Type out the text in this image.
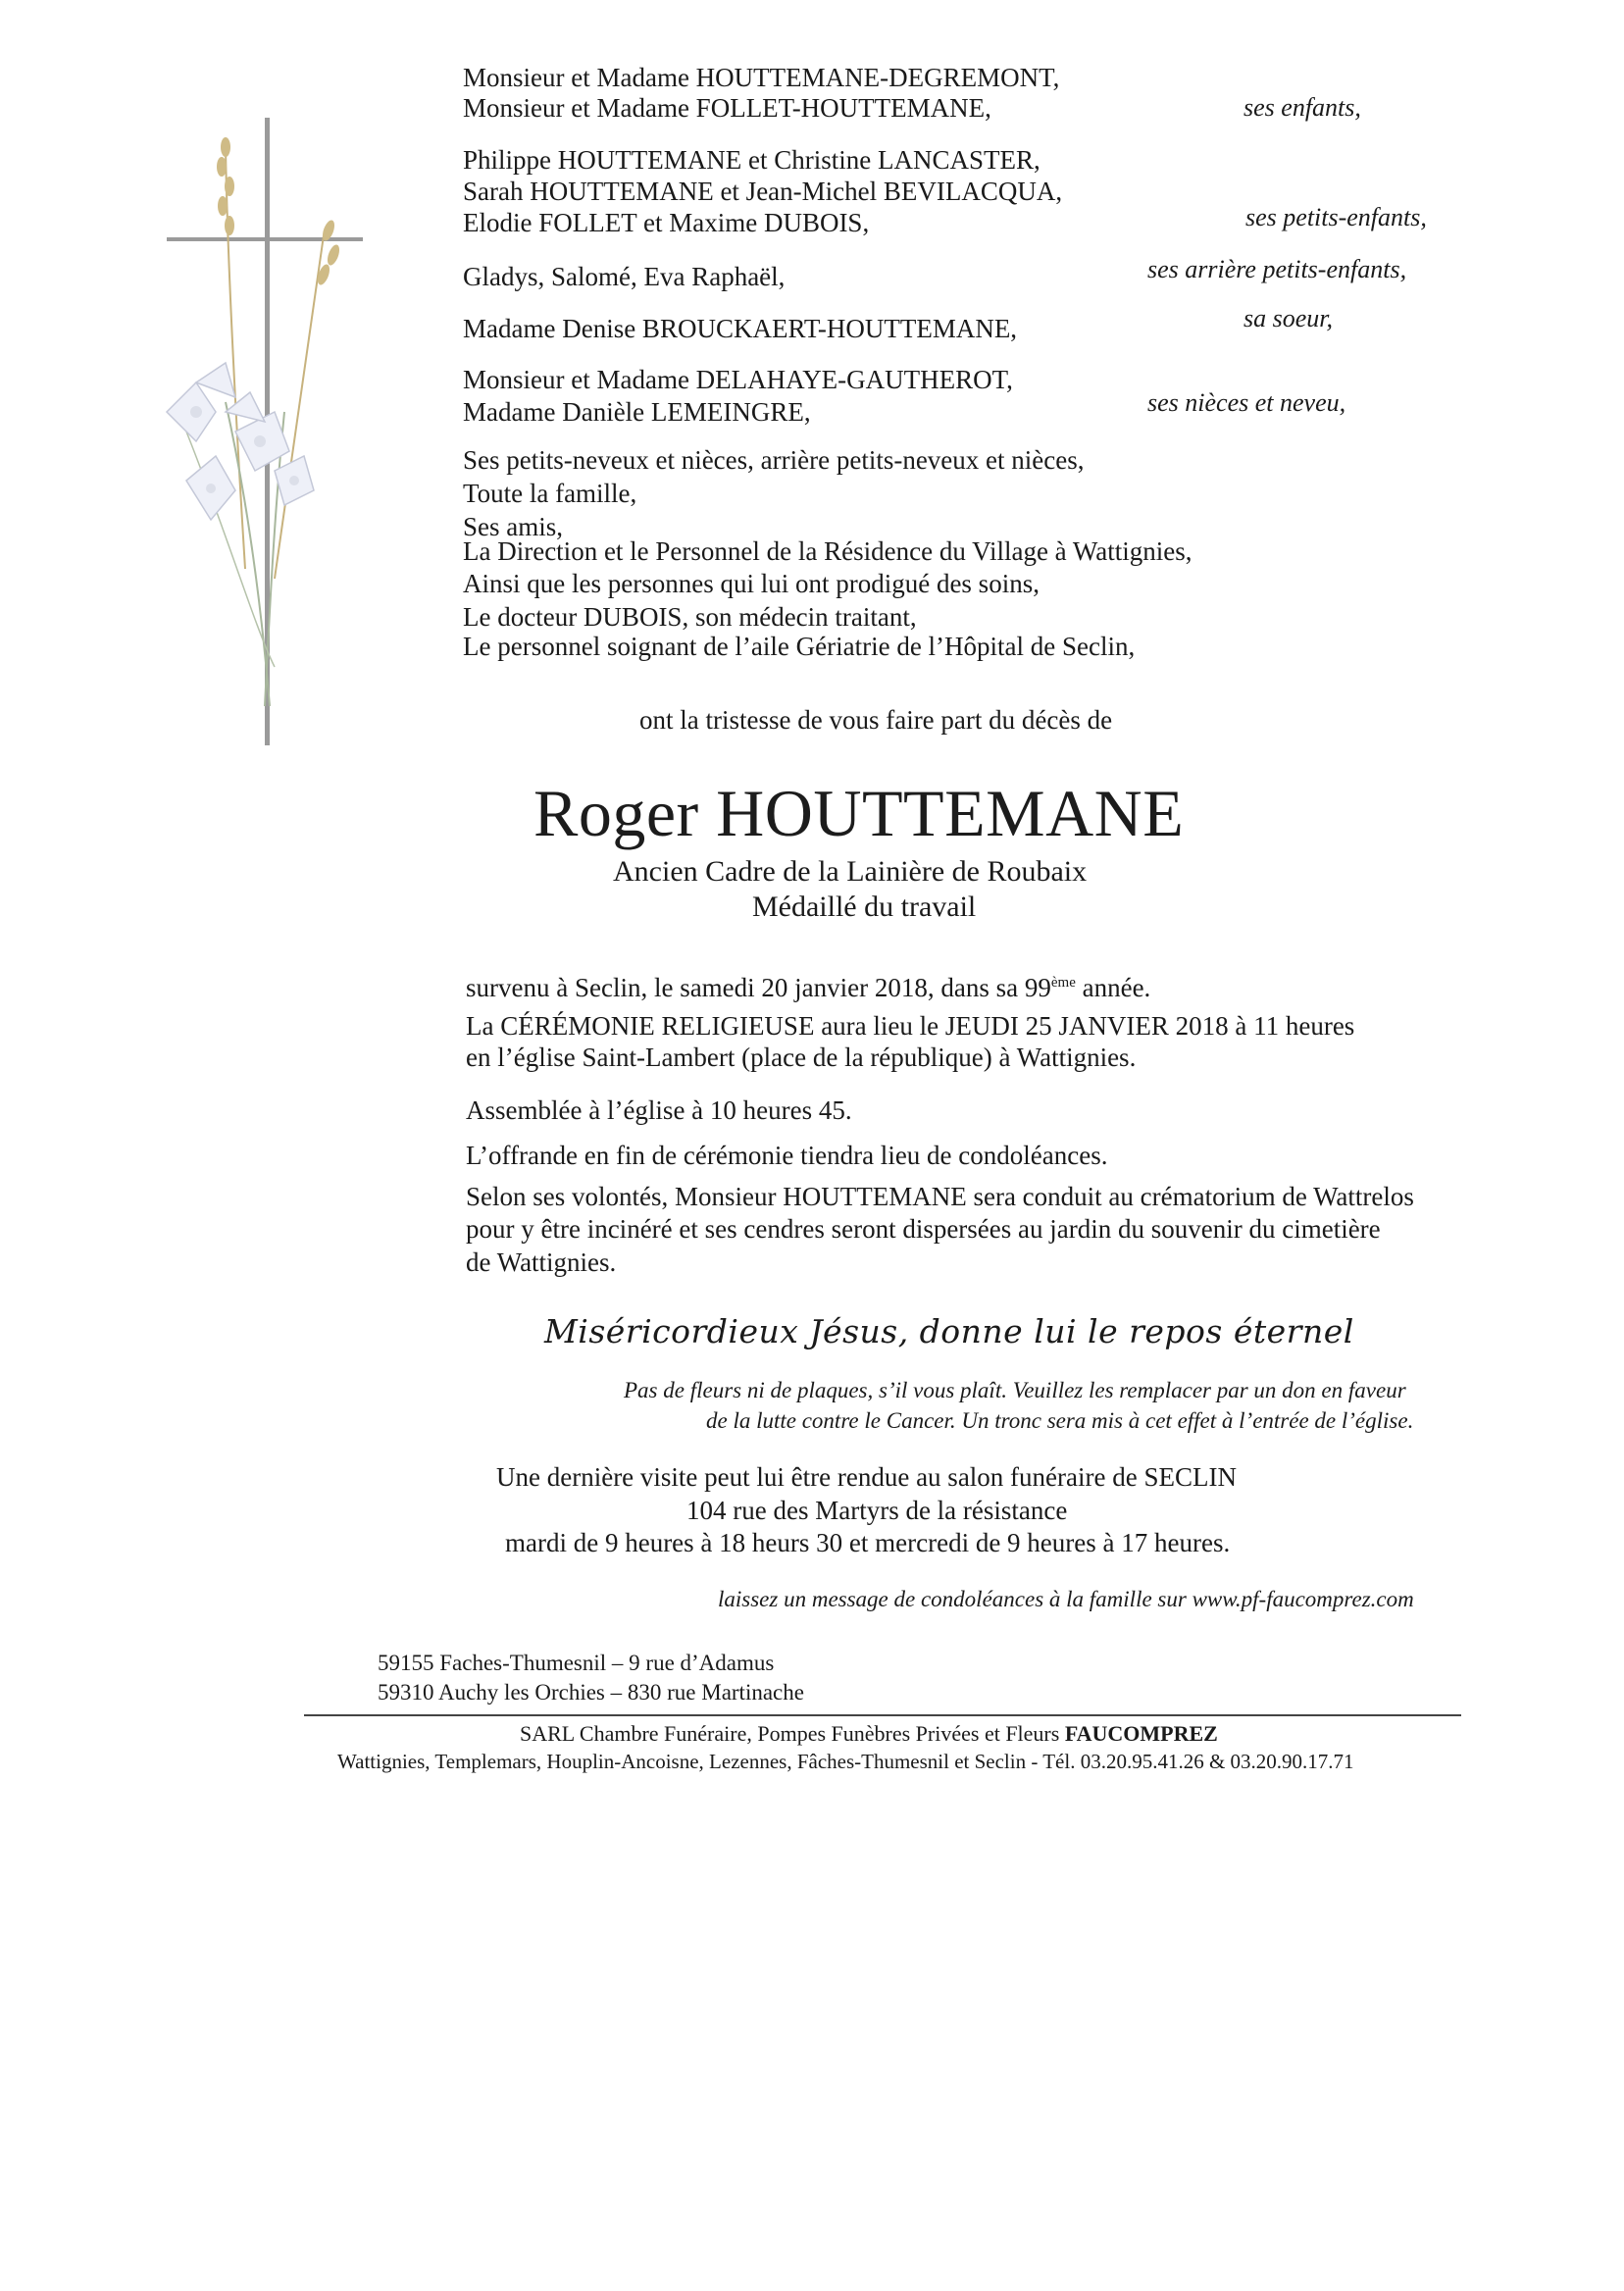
Monsieur et Madame HOUTTEMANE-DEGREMONT,
Monsieur et Madame FOLLET-HOUTTEMANE,	ses enfants,
Philippe HOUTTEMANE et Christine LANCASTER,
Sarah HOUTTEMANE et Jean-Michel BEVILACQUA,
Elodie FOLLET et Maxime DUBOIS,	ses petits-enfants,
Gladys, Salomé, Eva Raphaël,	ses arrière petits-enfants,
Madame Denise BROUCKAERT-HOUTTEMANE,	sa soeur,
Monsieur et Madame DELAHAYE-GAUTHEROT,
Madame Danièle LEMEINGRE,	ses nièces et neveu,
Ses petits-neveux et nièces, arrière petits-neveux et nièces,
Toute la famille,
Ses amis,
La Direction et le Personnel de la Résidence du Village à Wattignies,
Ainsi que les personnes qui lui ont prodigué des soins,
Le docteur DUBOIS, son médecin traitant,
Le personnel soignant de l’aile Gériatrie de l’Hôpital de Seclin,
ont la tristesse de vous faire part du décès de
Roger HOUTTEMANE
Ancien Cadre de la Lainière de Roubaix
Médaillé du travail
survenu à Seclin, le samedi 20 janvier 2018, dans sa 99ème année.
La CÉRÉMONIE RELIGIEUSE aura lieu le JEUDI 25 JANVIER 2018 à 11 heures
en l’église Saint-Lambert (place de la république) à Wattignies.
Assemblée à l’église à 10 heures 45.
L’offrande en fin de cérémonie tiendra lieu de condoléances.
Selon ses volontés, Monsieur HOUTTEMANE sera conduit au crématorium de Wattrelos
pour y être incinéré et ses cendres seront dispersées au jardin du souvenir du cimetière
de Wattignies.
Miséricordieux Jésus, donne lui le repos éternel
Pas de fleurs ni de plaques, s’il vous plaît. Veuillez les remplacer par un don en faveur
de la lutte contre le Cancer. Un tronc sera mis à cet effet à l’entrée de l’église.
Une dernière visite peut lui être rendue au salon funéraire de SECLIN
104 rue des Martyrs de la résistance
mardi de 9 heures à 18 heurs 30 et mercredi de 9 heures à 17 heures.
laissez un message de condoléances à la famille sur www.pf-faucomprez.com
59155 Faches-Thumesnil – 9 rue d’Adamus
59310 Auchy les Orchies – 830 rue Martinache
SARL Chambre Funéraire, Pompes Funèbres Privées et Fleurs FAUCOMPREZ
Wattignies, Templemars, Houplin-Ancoisne, Lezennes, Fâches-Thumesnil et Seclin - Tél. 03.20.95.41.26 & 03.20.90.17.71
